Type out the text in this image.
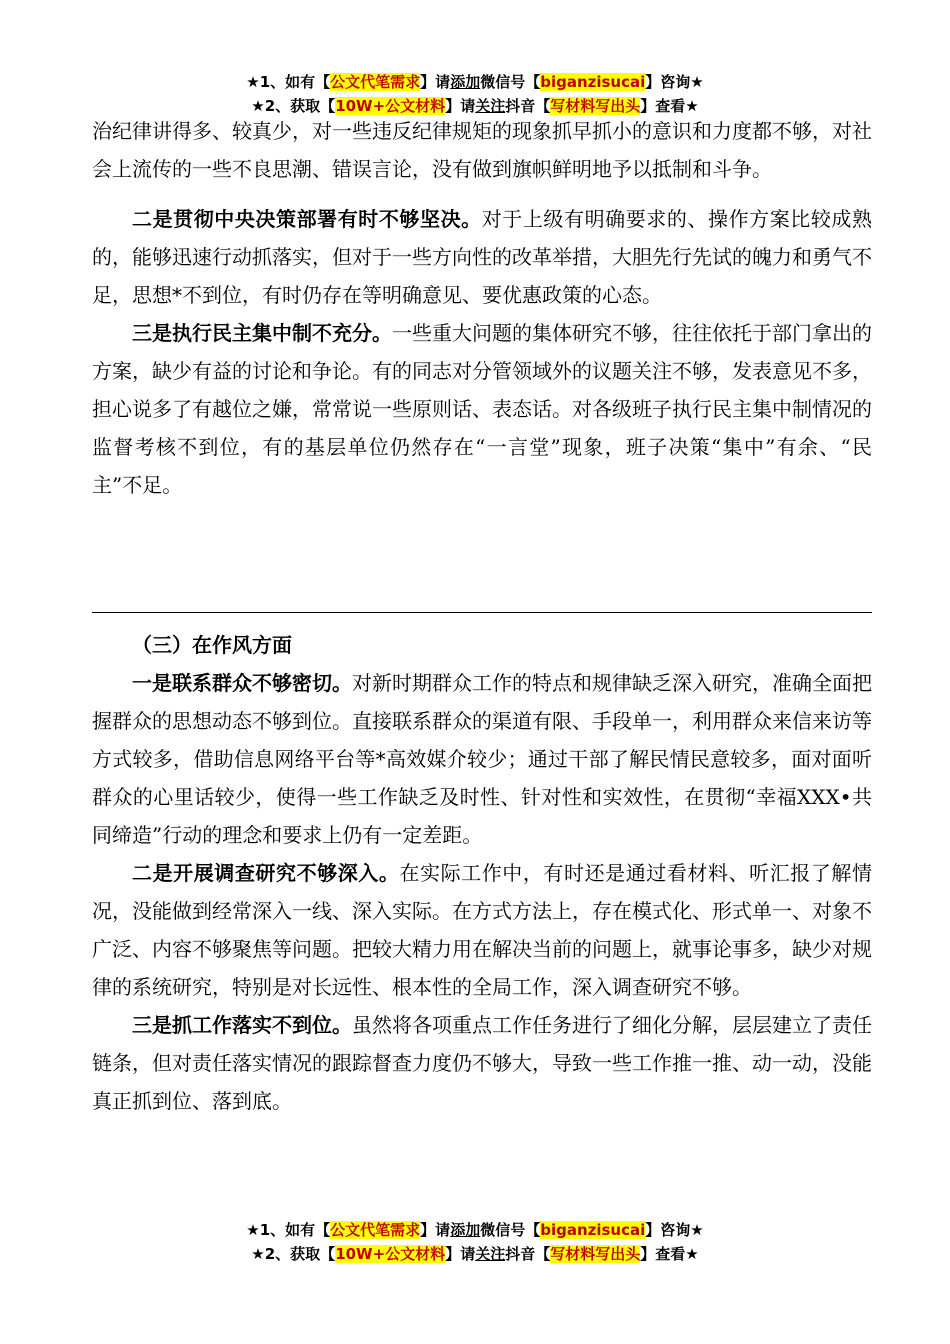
★1、如有【公文代笔需求】请添加微信号【biganzisucai】咨询★
★2、获取【10W+公文材料】请关注抖音【写材料写出头】查看★

治纪律讲得多、较真少，对一些违反纪律规矩的现象抓早抓小的意识和力度都不够，对社会上流传的一些不良思潮、错误言论，没有做到旗帜鲜明地予以抵制和斗争。

二是贯彻中央决策部署有时不够坚决。对于上级有明确要求的、操作方案比较成熟的，能够迅速行动抓落实，但对于一些方向性的改革举措，大胆先行先试的魄力和勇气不足，思想*不到位，有时仍存在等明确意见、要优惠政策的心态。

三是执行民主集中制不充分。一些重大问题的集体研究不够，往往依托于部门拿出的方案，缺少有益的讨论和争论。有的同志对分管领域外的议题关注不够，发表意见不多，担心说多了有越位之嫌，常常说一些原则话、表态话。对各级班子执行民主集中制情况的监督考核不到位，有的基层单位仍然存在“一言堂”现象，班子决策“集中”有余、“民主”不足。

（三）在作风方面

一是联系群众不够密切。对新时期群众工作的特点和规律缺乏深入研究，准确全面把握群众的思想动态不够到位。直接联系群众的渠道有限、手段单一，利用群众来信来访等方式较多，借助信息网络平台等*高效媒介较少；通过干部了解民情民意较多，面对面听群众的心里话较少，使得一些工作缺乏及时性、针对性和实效性，在贯彻“幸福XXX•共同缔造”行动的理念和要求上仍有一定差距。

二是开展调查研究不够深入。在实际工作中，有时还是通过看材料、听汇报了解情况，没能做到经常深入一线、深入实际。在方式方法上，存在模式化、形式单一、对象不广泛、内容不够聚焦等问题。把较大精力用在解决当前的问题上，就事论事多，缺少对规律的系统研究，特别是对长远性、根本性的全局工作，深入调查研究不够。

三是抓工作落实不到位。虽然将各项重点工作任务进行了细化分解，层层建立了责任链条，但对责任落实情况的跟踪督查力度仍不够大，导致一些工作推一推、动一动，没能真正抓到位、落到底。

★1、如有【公文代笔需求】请添加微信号【biganzisucai】咨询★
★2、获取【10W+公文材料】请关注抖音【写材料写出头】查看★
